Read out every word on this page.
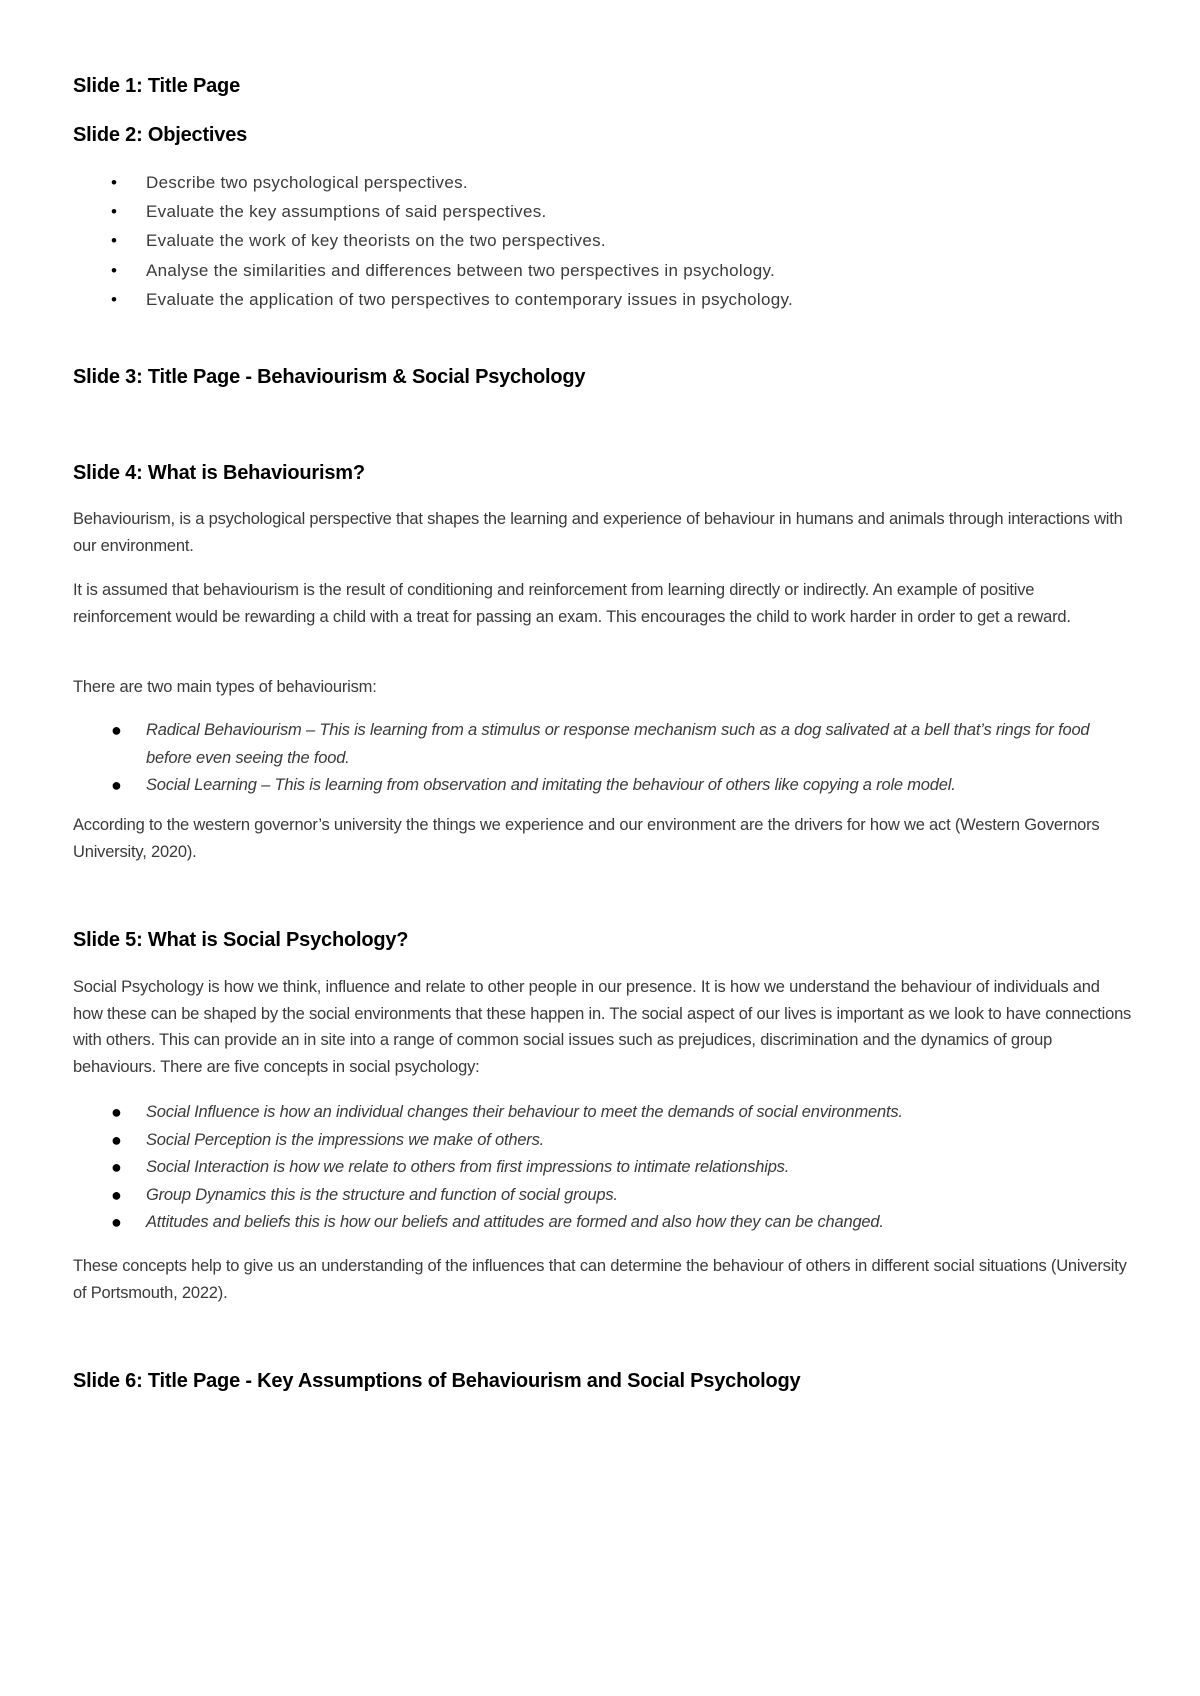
Slide 1: Title Page
Slide 2: Objectives
• Describe two psychological perspectives.
• Evaluate the key assumptions of said perspectives.
• Evaluate the work of key theorists on the two perspectives.
• Analyse the similarities and differences between two perspectives in psychology.
• Evaluate the application of two perspectives to contemporary issues in psychology.
Slide 3: Title Page - Behaviourism & Social Psychology
Slide 4: What is Behaviourism?
Behaviourism, is a psychological perspective that shapes the learning and experience of behaviour in humans and animals through interactions with our environment.
It is assumed that behaviourism is the result of conditioning and reinforcement from learning directly or indirectly. An example of positive reinforcement would be rewarding a child with a treat for passing an exam. This encourages the child to work harder in order to get a reward.
There are two main types of behaviourism:
● Radical Behaviourism – This is learning from a stimulus or response mechanism such as a dog salivated at a bell that’s rings for food before even seeing the food.
● Social Learning – This is learning from observation and imitating the behaviour of others like copying a role model.
According to the western governor’s university the things we experience and our environment are the drivers for how we act (Western Governors University, 2020).
Slide 5: What is Social Psychology?
Social Psychology is how we think, influence and relate to other people in our presence. It is how we understand the behaviour of individuals and how these can be shaped by the social environments that these happen in. The social aspect of our lives is important as we look to have connections with others. This can provide an in site into a range of common social issues such as prejudices, discrimination and the dynamics of group behaviours. There are five concepts in social psychology:
● Social Influence is how an individual changes their behaviour to meet the demands of social environments.
● Social Perception is the impressions we make of others.
● Social Interaction is how we relate to others from first impressions to intimate relationships.
● Group Dynamics this is the structure and function of social groups.
● Attitudes and beliefs this is how our beliefs and attitudes are formed and also how they can be changed.
These concepts help to give us an understanding of the influences that can determine the behaviour of others in different social situations (University of Portsmouth, 2022).
Slide 6: Title Page - Key Assumptions of Behaviourism and Social Psychology
